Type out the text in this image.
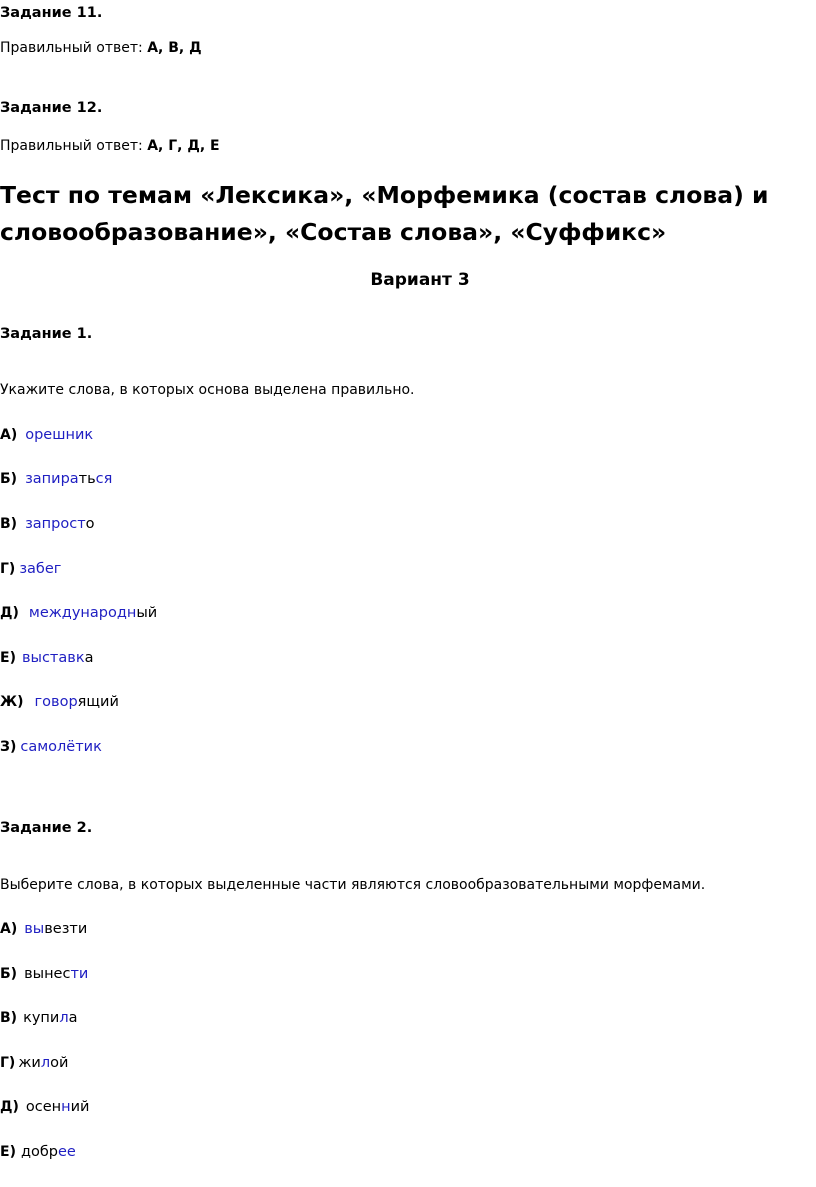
Задание 11.
Правильный ответ: А, В, Д
Задание 12.
Правильный ответ: А, Г, Д, Е
Тест по темам «Лексика», «Морфемика (состав слова) и
словообразование», «Состав слова», «Суффикс»
Вариант 3
Задание 1.
Укажите слова, в которых основа выделена правильно.
А) орешник
Б) запираться
В) запросто
Г) забег
Д) международный
Е) выставка
Ж) говорящий
З) самолётик
Задание 2.
Выберите слова, в которых выделенные части являются словообразовательными морфемами.
А) вывезти
Б) вынести
В) купила
Г) жилой
Д) осенний
Е) добрее
